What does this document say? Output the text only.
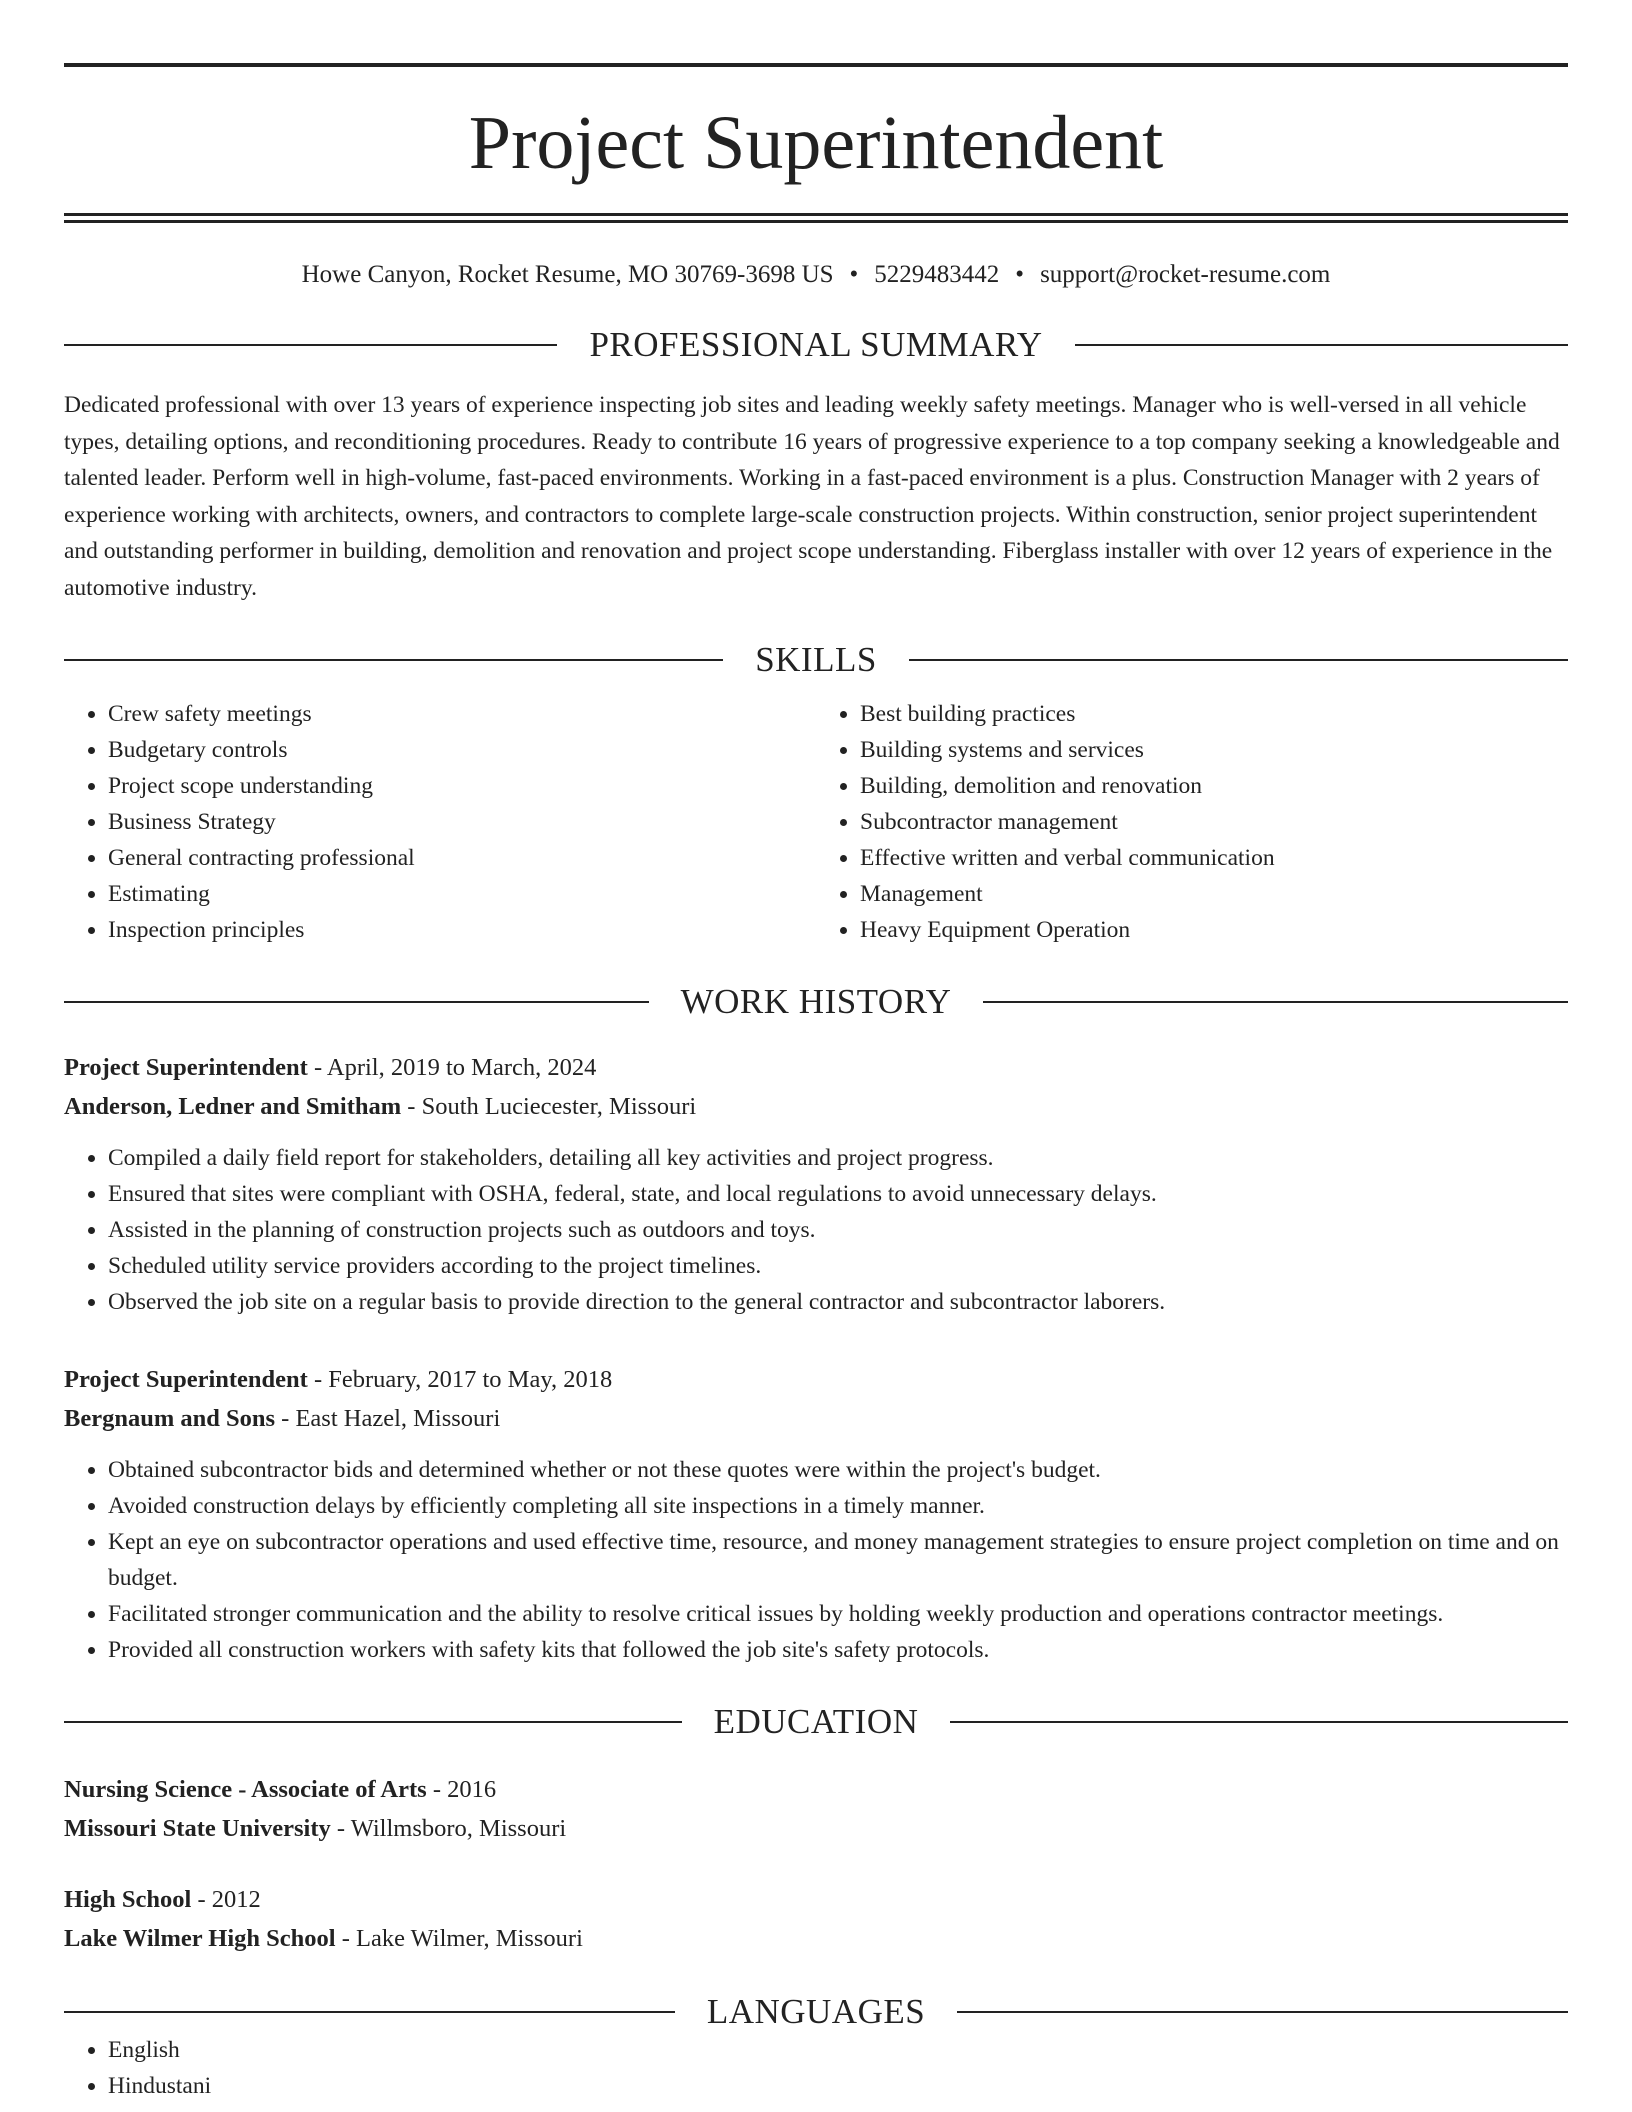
Project Superintendent
Howe Canyon, Rocket Resume, MO 30769-3698 US • 5229483442 • support@rocket-resume.com
PROFESSIONAL SUMMARY
Dedicated professional with over 13 years of experience inspecting job sites and leading weekly safety meetings. Manager who is well-versed in all vehicle types, detailing options, and reconditioning procedures. Ready to contribute 16 years of progressive experience to a top company seeking a knowledgeable and talented leader. Perform well in high-volume, fast-paced environments. Working in a fast-paced environment is a plus. Construction Manager with 2 years of experience working with architects, owners, and contractors to complete large-scale construction projects. Within construction, senior project superintendent and outstanding performer in building, demolition and renovation and project scope understanding. Fiberglass installer with over 12 years of experience in the automotive industry.
SKILLS
• Crew safety meetings
• Budgetary controls
• Project scope understanding
• Business Strategy
• General contracting professional
• Estimating
• Inspection principles
• Best building practices
• Building systems and services
• Building, demolition and renovation
• Subcontractor management
• Effective written and verbal communication
• Management
• Heavy Equipment Operation
WORK HISTORY
Project Superintendent - April, 2019 to March, 2024
Anderson, Ledner and Smitham - South Luciecester, Missouri
• Compiled a daily field report for stakeholders, detailing all key activities and project progress.
• Ensured that sites were compliant with OSHA, federal, state, and local regulations to avoid unnecessary delays.
• Assisted in the planning of construction projects such as outdoors and toys.
• Scheduled utility service providers according to the project timelines.
• Observed the job site on a regular basis to provide direction to the general contractor and subcontractor laborers.
Project Superintendent - February, 2017 to May, 2018
Bergnaum and Sons - East Hazel, Missouri
• Obtained subcontractor bids and determined whether or not these quotes were within the project's budget.
• Avoided construction delays by efficiently completing all site inspections in a timely manner.
• Kept an eye on subcontractor operations and used effective time, resource, and money management strategies to ensure project completion on time and on budget.
• Facilitated stronger communication and the ability to resolve critical issues by holding weekly production and operations contractor meetings.
• Provided all construction workers with safety kits that followed the job site's safety protocols.
EDUCATION
Nursing Science - Associate of Arts - 2016
Missouri State University - Willmsboro, Missouri
High School - 2012
Lake Wilmer High School - Lake Wilmer, Missouri
LANGUAGES
• English
• Hindustani
